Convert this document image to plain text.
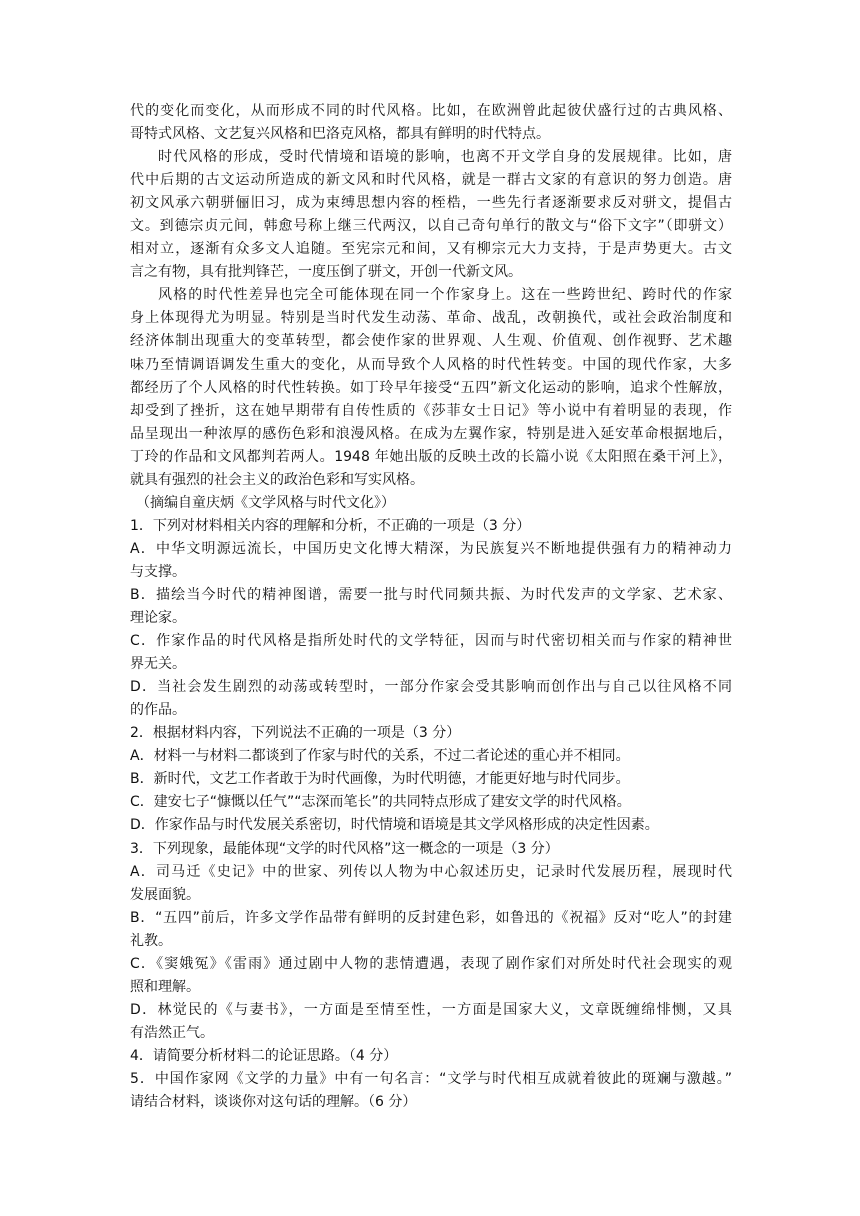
代的变化而变化，从而形成不同的时代风格。比如，在欧洲曾此起彼伏盛行过的古典风格、
哥特式风格、文艺复兴风格和巴洛克风格，都具有鲜明的时代特点。
时代风格的形成，受时代情境和语境的影响，也离不开文学自身的发展规律。比如，唐
代中后期的古文运动所造成的新文风和时代风格，就是一群古文家的有意识的努力创造。唐
初文风承六朝骈俪旧习，成为束缚思想内容的桎梏，一些先行者逐渐要求反对骈文，提倡古
文。到德宗贞元间，韩愈号称上继三代两汉，以自己奇句单行的散文与“俗下文字”（即骈文）
相对立，逐渐有众多文人追随。至宪宗元和间，又有柳宗元大力支持，于是声势更大。古文
言之有物，具有批判锋芒，一度压倒了骈文，开创一代新文风。
风格的时代性差异也完全可能体现在同一个作家身上。这在一些跨世纪、跨时代的作家
身上体现得尤为明显。特别是当时代发生动荡、革命、战乱，改朝换代，或社会政治制度和
经济体制出现重大的变革转型，都会使作家的世界观、人生观、价值观、创作视野、艺术趣
味乃至情调语调发生重大的变化，从而导致个人风格的时代性转变。中国的现代作家，大多
都经历了个人风格的时代性转换。如丁玲早年接受“五四”新文化运动的影响，追求个性解放，
却受到了挫折，这在她早期带有自传性质的《莎菲女士日记》等小说中有着明显的表现，作
品呈现出一种浓厚的感伤色彩和浪漫风格。在成为左翼作家，特别是进入延安革命根据地后，
丁玲的作品和文风都判若两人。1948 年她出版的反映土改的长篇小说《太阳照在桑干河上》，
就具有强烈的社会主义的政治色彩和写实风格。
（摘编自童庆炳《文学风格与时代文化》）
1．下列对材料相关内容的理解和分析，不正确的一项是（3 分）
A．中华文明源远流长，中国历史文化博大精深，为民族复兴不断地提供强有力的精神动力
与支撑。
B．描绘当今时代的精神图谱，需要一批与时代同频共振、为时代发声的文学家、艺术家、
理论家。
C．作家作品的时代风格是指所处时代的文学特征，因而与时代密切相关而与作家的精神世
界无关。
D．当社会发生剧烈的动荡或转型时，一部分作家会受其影响而创作出与自己以往风格不同
的作品。
2．根据材料内容，下列说法不正确的一项是（3 分）
A．材料一与材料二都谈到了作家与时代的关系，不过二者论述的重心并不相同。
B．新时代，文艺工作者敢于为时代画像，为时代明德，才能更好地与时代同步。
C．建安七子“慷慨以任气”“志深而笔长”的共同特点形成了建安文学的时代风格。
D．作家作品与时代发展关系密切，时代情境和语境是其文学风格形成的决定性因素。
3．下列现象，最能体现“文学的时代风格”这一概念的一项是（3 分）
A．司马迁《史记》中的世家、列传以人物为中心叙述历史，记录时代发展历程，展现时代
发展面貌。
B．“五四”前后，许多文学作品带有鲜明的反封建色彩，如鲁迅的《祝福》反对“吃人”的封建
礼教。
C．《窦娥冤》《雷雨》通过剧中人物的悲情遭遇，表现了剧作家们对所处时代社会现实的观
照和理解。
D．林觉民的《与妻书》，一方面是至情至性，一方面是国家大义，文章既缠绵悱恻，又具
有浩然正气。
4．请简要分析材料二的论证思路。（4 分）
5．中国作家网《文学的力量》中有一句名言：“文学与时代相互成就着彼此的斑斓与激越。”
请结合材料，谈谈你对这句话的理解。（6 分）
